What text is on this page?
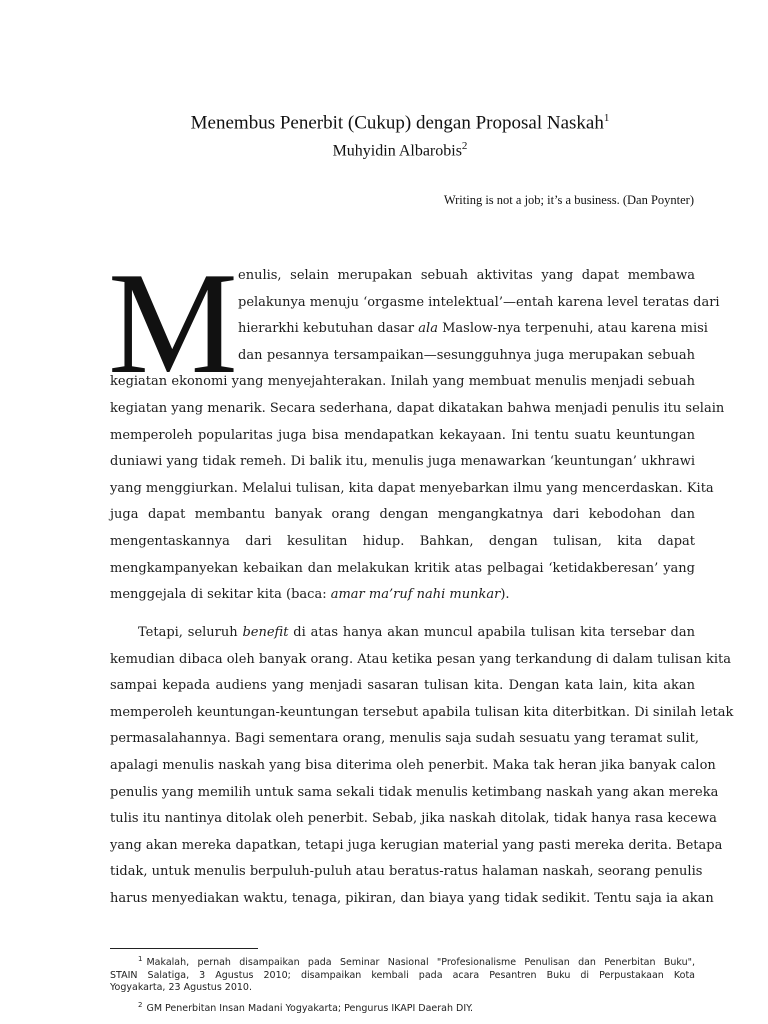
Menembus Penerbit (Cukup) dengan Proposal Naskah$^1$
Muhyidin Albarobis$^2$
Writing is not a job; it’s a business. (Dan Poynter)
M enulis, selain merupakan sebuah aktivitas yang dapat membawa
pelakunya menuju ‘orgasme intelektual’—entah karena level teratas dari
hierarkhi kebutuhan dasar ala Maslow-nya terpenuhi, atau karena misi
dan pesannya tersampaikan—sesungguhnya juga merupakan sebuah
kegiatan ekonomi yang menyejahterakan. Inilah yang membuat menulis menjadi sebuah
kegiatan yang menarik. Secara sederhana, dapat dikatakan bahwa menjadi penulis itu selain
memperoleh popularitas juga bisa mendapatkan kekayaan. Ini tentu suatu keuntungan
duniawi yang tidak remeh. Di balik itu, menulis juga menawarkan ‘keuntungan’ ukhrawi
yang menggiurkan. Melalui tulisan, kita dapat menyebarkan ilmu yang mencerdaskan. Kita
juga dapat membantu banyak orang dengan mengangkatnya dari kebodohan dan
mengentaskannya dari kesulitan hidup. Bahkan, dengan tulisan, kita dapat
mengkampanyekan kebaikan dan melakukan kritik atas pelbagai ‘ketidakberesan’ yang
menggejala di sekitar kita (baca: amar ma’ruf nahi munkar).
Tetapi, seluruh benefit di atas hanya akan muncul apabila tulisan kita tersebar dan
kemudian dibaca oleh banyak orang. Atau ketika pesan yang terkandung di dalam tulisan kita
sampai kepada audiens yang menjadi sasaran tulisan kita. Dengan kata lain, kita akan
memperoleh keuntungan-keuntungan tersebut apabila tulisan kita diterbitkan. Di sinilah letak
permasalahannya. Bagi sementara orang, menulis saja sudah sesuatu yang teramat sulit,
apalagi menulis naskah yang bisa diterima oleh penerbit. Maka tak heran jika banyak calon
penulis yang memilih untuk sama sekali tidak menulis ketimbang naskah yang akan mereka
tulis itu nantinya ditolak oleh penerbit. Sebab, jika naskah ditolak, tidak hanya rasa kecewa
yang akan mereka dapatkan, tetapi juga kerugian material yang pasti mereka derita. Betapa
tidak, untuk menulis berpuluh-puluh atau beratus-ratus halaman naskah, seorang penulis
harus menyediakan waktu, tenaga, pikiran, dan biaya yang tidak sedikit. Tentu saja ia akan
$^1$ Makalah, pernah disampaikan pada Seminar Nasional "Profesionalisme Penulisan dan Penerbitan Buku",
STAIN Salatiga, 3 Agustus 2010; disampaikan kembali pada acara Pesantren Buku di Perpustakaan Kota
Yogyakarta, 23 Agustus 2010.
$^2$ GM Penerbitan Insan Madani Yogyakarta; Pengurus IKAPI Daerah DIY.
